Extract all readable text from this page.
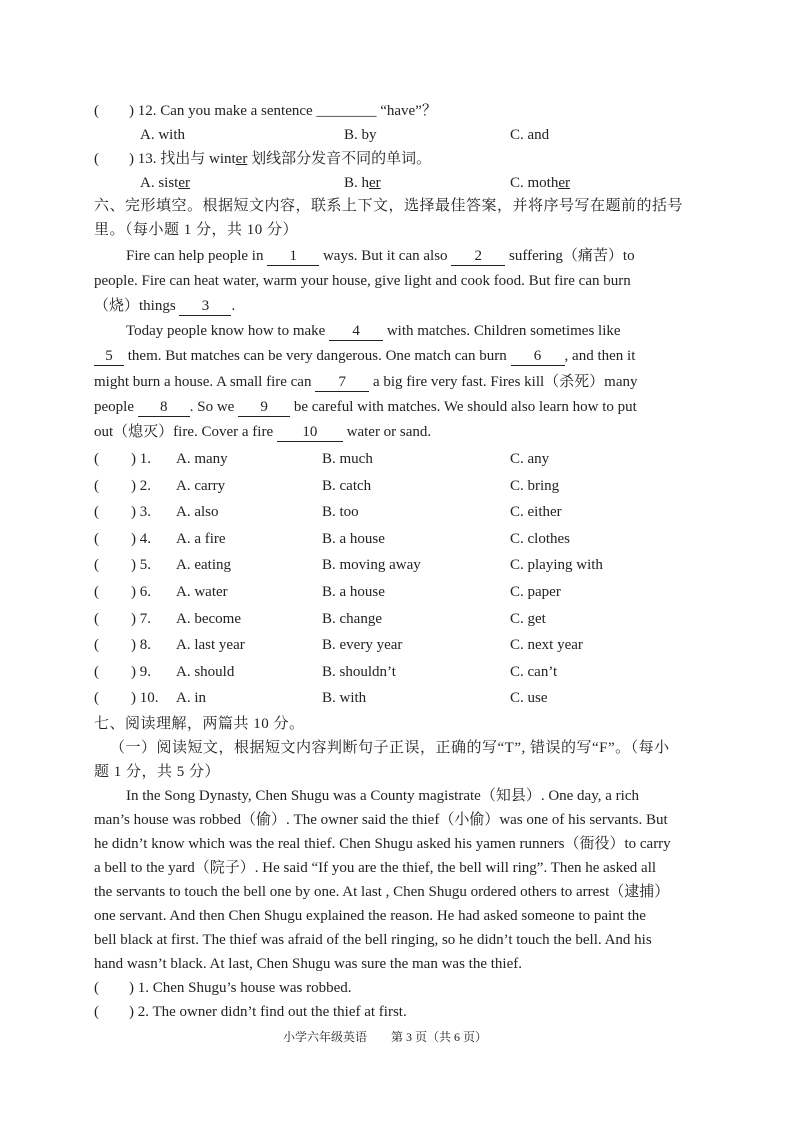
( ) 12. Can you make a sentence ________ “have”？
A. with	B. by	C. and
( ) 13. 找出与 winter 划线部分发音不同的单词。
A. sister	B. her	C. mother
六、完形填空。根据短文内容，联系上下文，选择最佳答案，并将序号写在题前的括号
里。（每小题 1 分，共 10 分）
Fire can help people in 1 ways. But it can also 2 suffering（痛苦）to
people. Fire can heat water, warm your house, give light and cook food. But fire can burn
（烧）things 3 .
Today people know how to make 4 with matches. Children sometimes like
5 them. But matches can be very dangerous. One match can burn 6 , and then it
might burn a house. A small fire can 7 a big fire very fast. Fires kill（杀死）many
people 8 . So we 9 be careful with matches. We should also learn how to put
out（熄灭）fire. Cover a fire 10 water or sand.
( ) 1. A. many	B. much	C. any
( ) 2. A. carry	B. catch	C. bring
( ) 3. A. also	B. too	C. either
( ) 4. A. a fire	B. a house	C. clothes
( ) 5. A. eating	B. moving away	C. playing with
( ) 6. A. water	B. a house	C. paper
( ) 7. A. become	B. change	C. get
( ) 8. A. last year	B. every year	C. next year
( ) 9. A. should	B. shouldn’t	C. can’t
( ) 10. A. in	B. with	C. use
七、阅读理解，两篇共 10 分。
（一）阅读短文，根据短文内容判断句子正误，正确的写“T”, 错误的写“F”。（每小
题 1 分，共 5 分）
In the Song Dynasty, Chen Shugu was a County magistrate（知县）. One day, a rich
man’s house was robbed（偷）. The owner said the thief（小偷）was one of his servants. But
he didn’t know which was the real thief. Chen Shugu asked his yamen runners（衙役）to carry
a bell to the yard（院子）. He said “If you are the thief, the bell will ring”. Then he asked all
the servants to touch the bell one by one. At last , Chen Shugu ordered others to arrest（逮捕）
one servant. And then Chen Shugu explained the reason. He had asked someone to paint the
bell black at first. The thief was afraid of the bell ringing, so he didn’t touch the bell. And his
hand wasn’t black. At last, Chen Shugu was sure the man was the thief.
( ) 1. Chen Shugu’s house was robbed.
( ) 2. The owner didn’t find out the thief at first.
小学六年级英语　　第 3 页（共 6 页）
